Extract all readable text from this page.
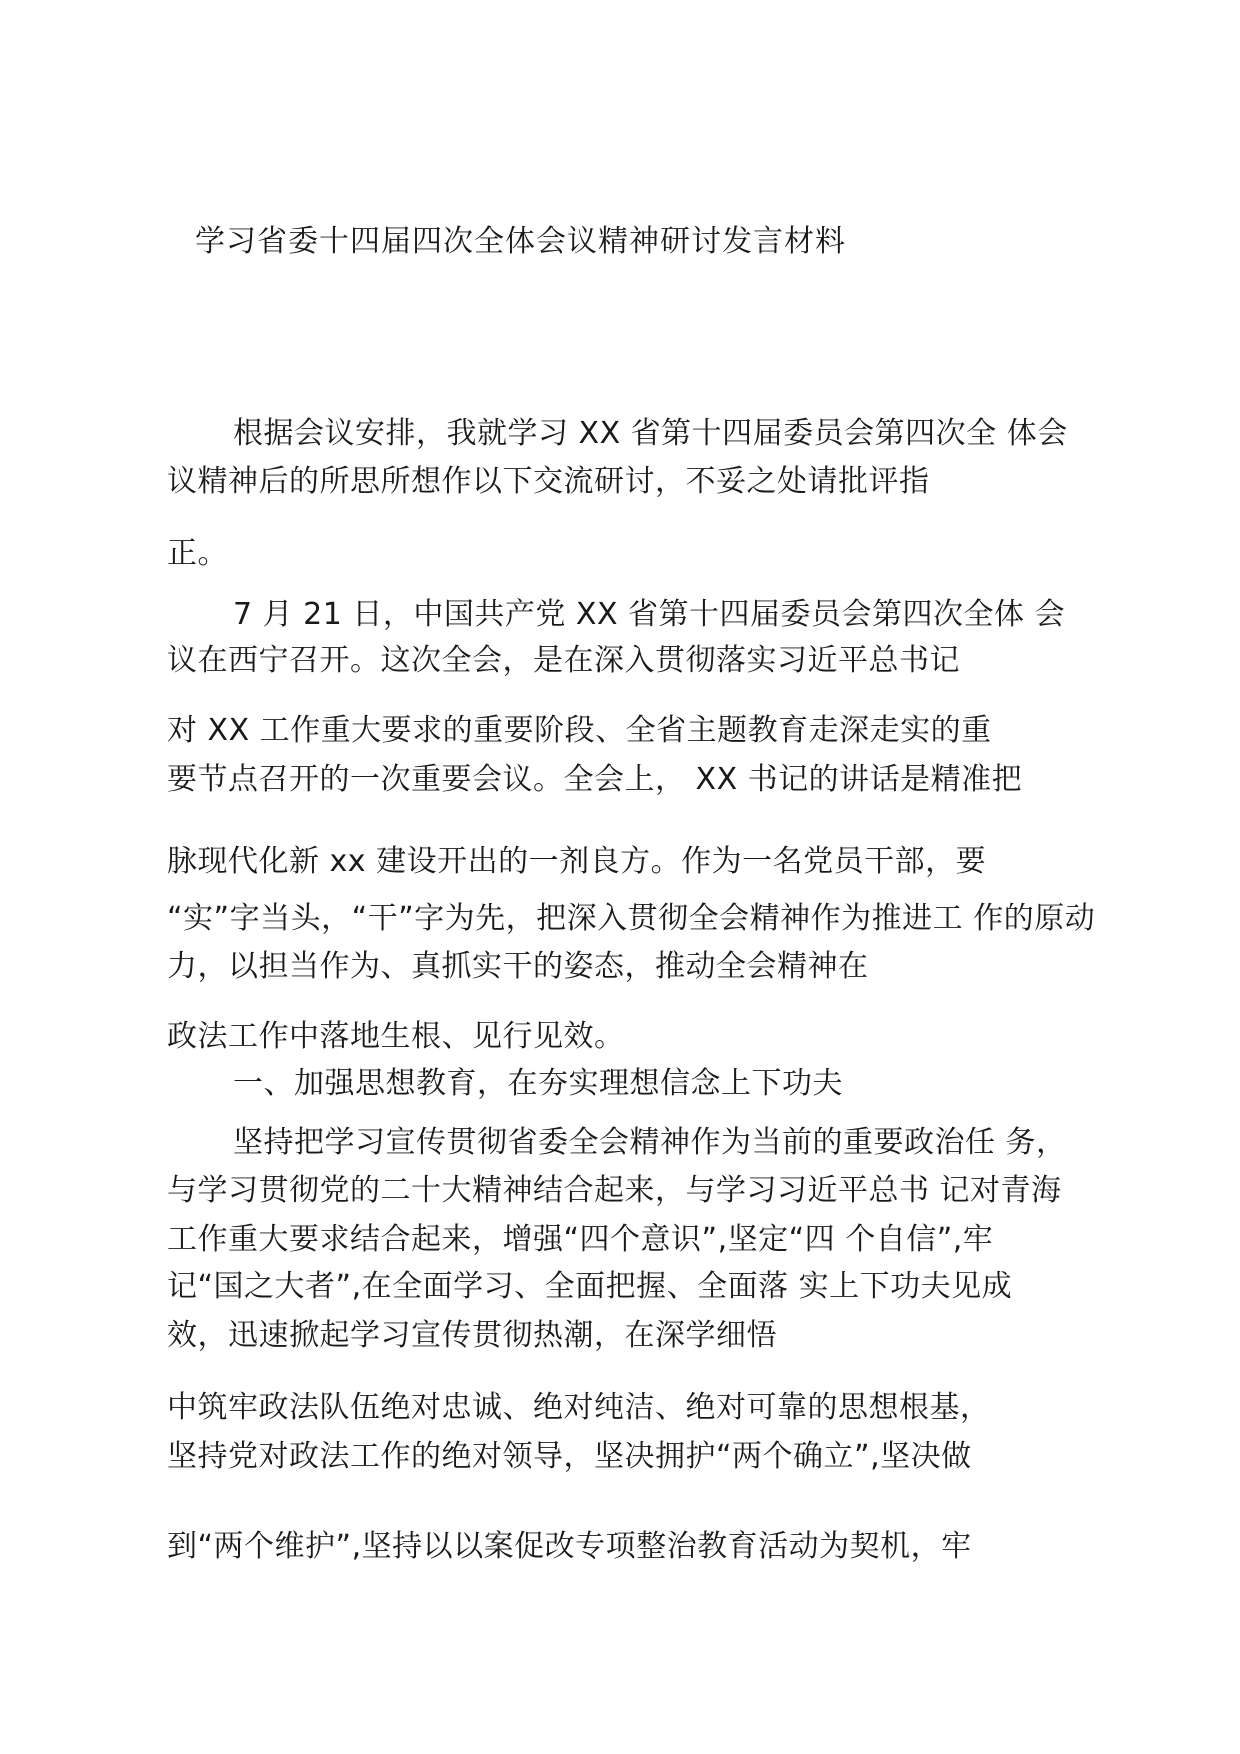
学习省委十四届四次全体会议精神研讨发言材料
根据会议安排，我就学习 XX 省第十四届委员会第四次全 体会
议精神后的所思所想作以下交流研讨，不妥之处请批评指
正。
7 月 21 日，中国共产党 XX 省第十四届委员会第四次全体 会
议在西宁召开。这次全会，是在深入贯彻落实习近平总书记
对 XX 工作重大要求的重要阶段、全省主题教育走深走实的重
要节点召开的一次重要会议。全会上， XX 书记的讲话是精准把
脉现代化新 xx 建设开出的一剂良方。作为一名党员干部，要
“实”字当头，“干”字为先，把深入贯彻全会精神作为推进工 作的原动
力，以担当作为、真抓实干的姿态，推动全会精神在
政法工作中落地生根、见行见效。
一、加强思想教育，在夯实理想信念上下功夫
坚持把学习宣传贯彻省委全会精神作为当前的重要政治任 务，
与学习贯彻党的二十大精神结合起来，与学习习近平总书 记对青海
工作重大要求结合起来，增强“四个意识”,坚定“四 个自信”,牢
记“国之大者”,在全面学习、全面把握、全面落 实上下功夫见成
效，迅速掀起学习宣传贯彻热潮，在深学细悟
中筑牢政法队伍绝对忠诚、绝对纯洁、绝对可靠的思想根基，
坚持党对政法工作的绝对领导，坚决拥护“两个确立”,坚决做
到“两个维护”,坚持以以案促改专项整治教育活动为契机，牢
